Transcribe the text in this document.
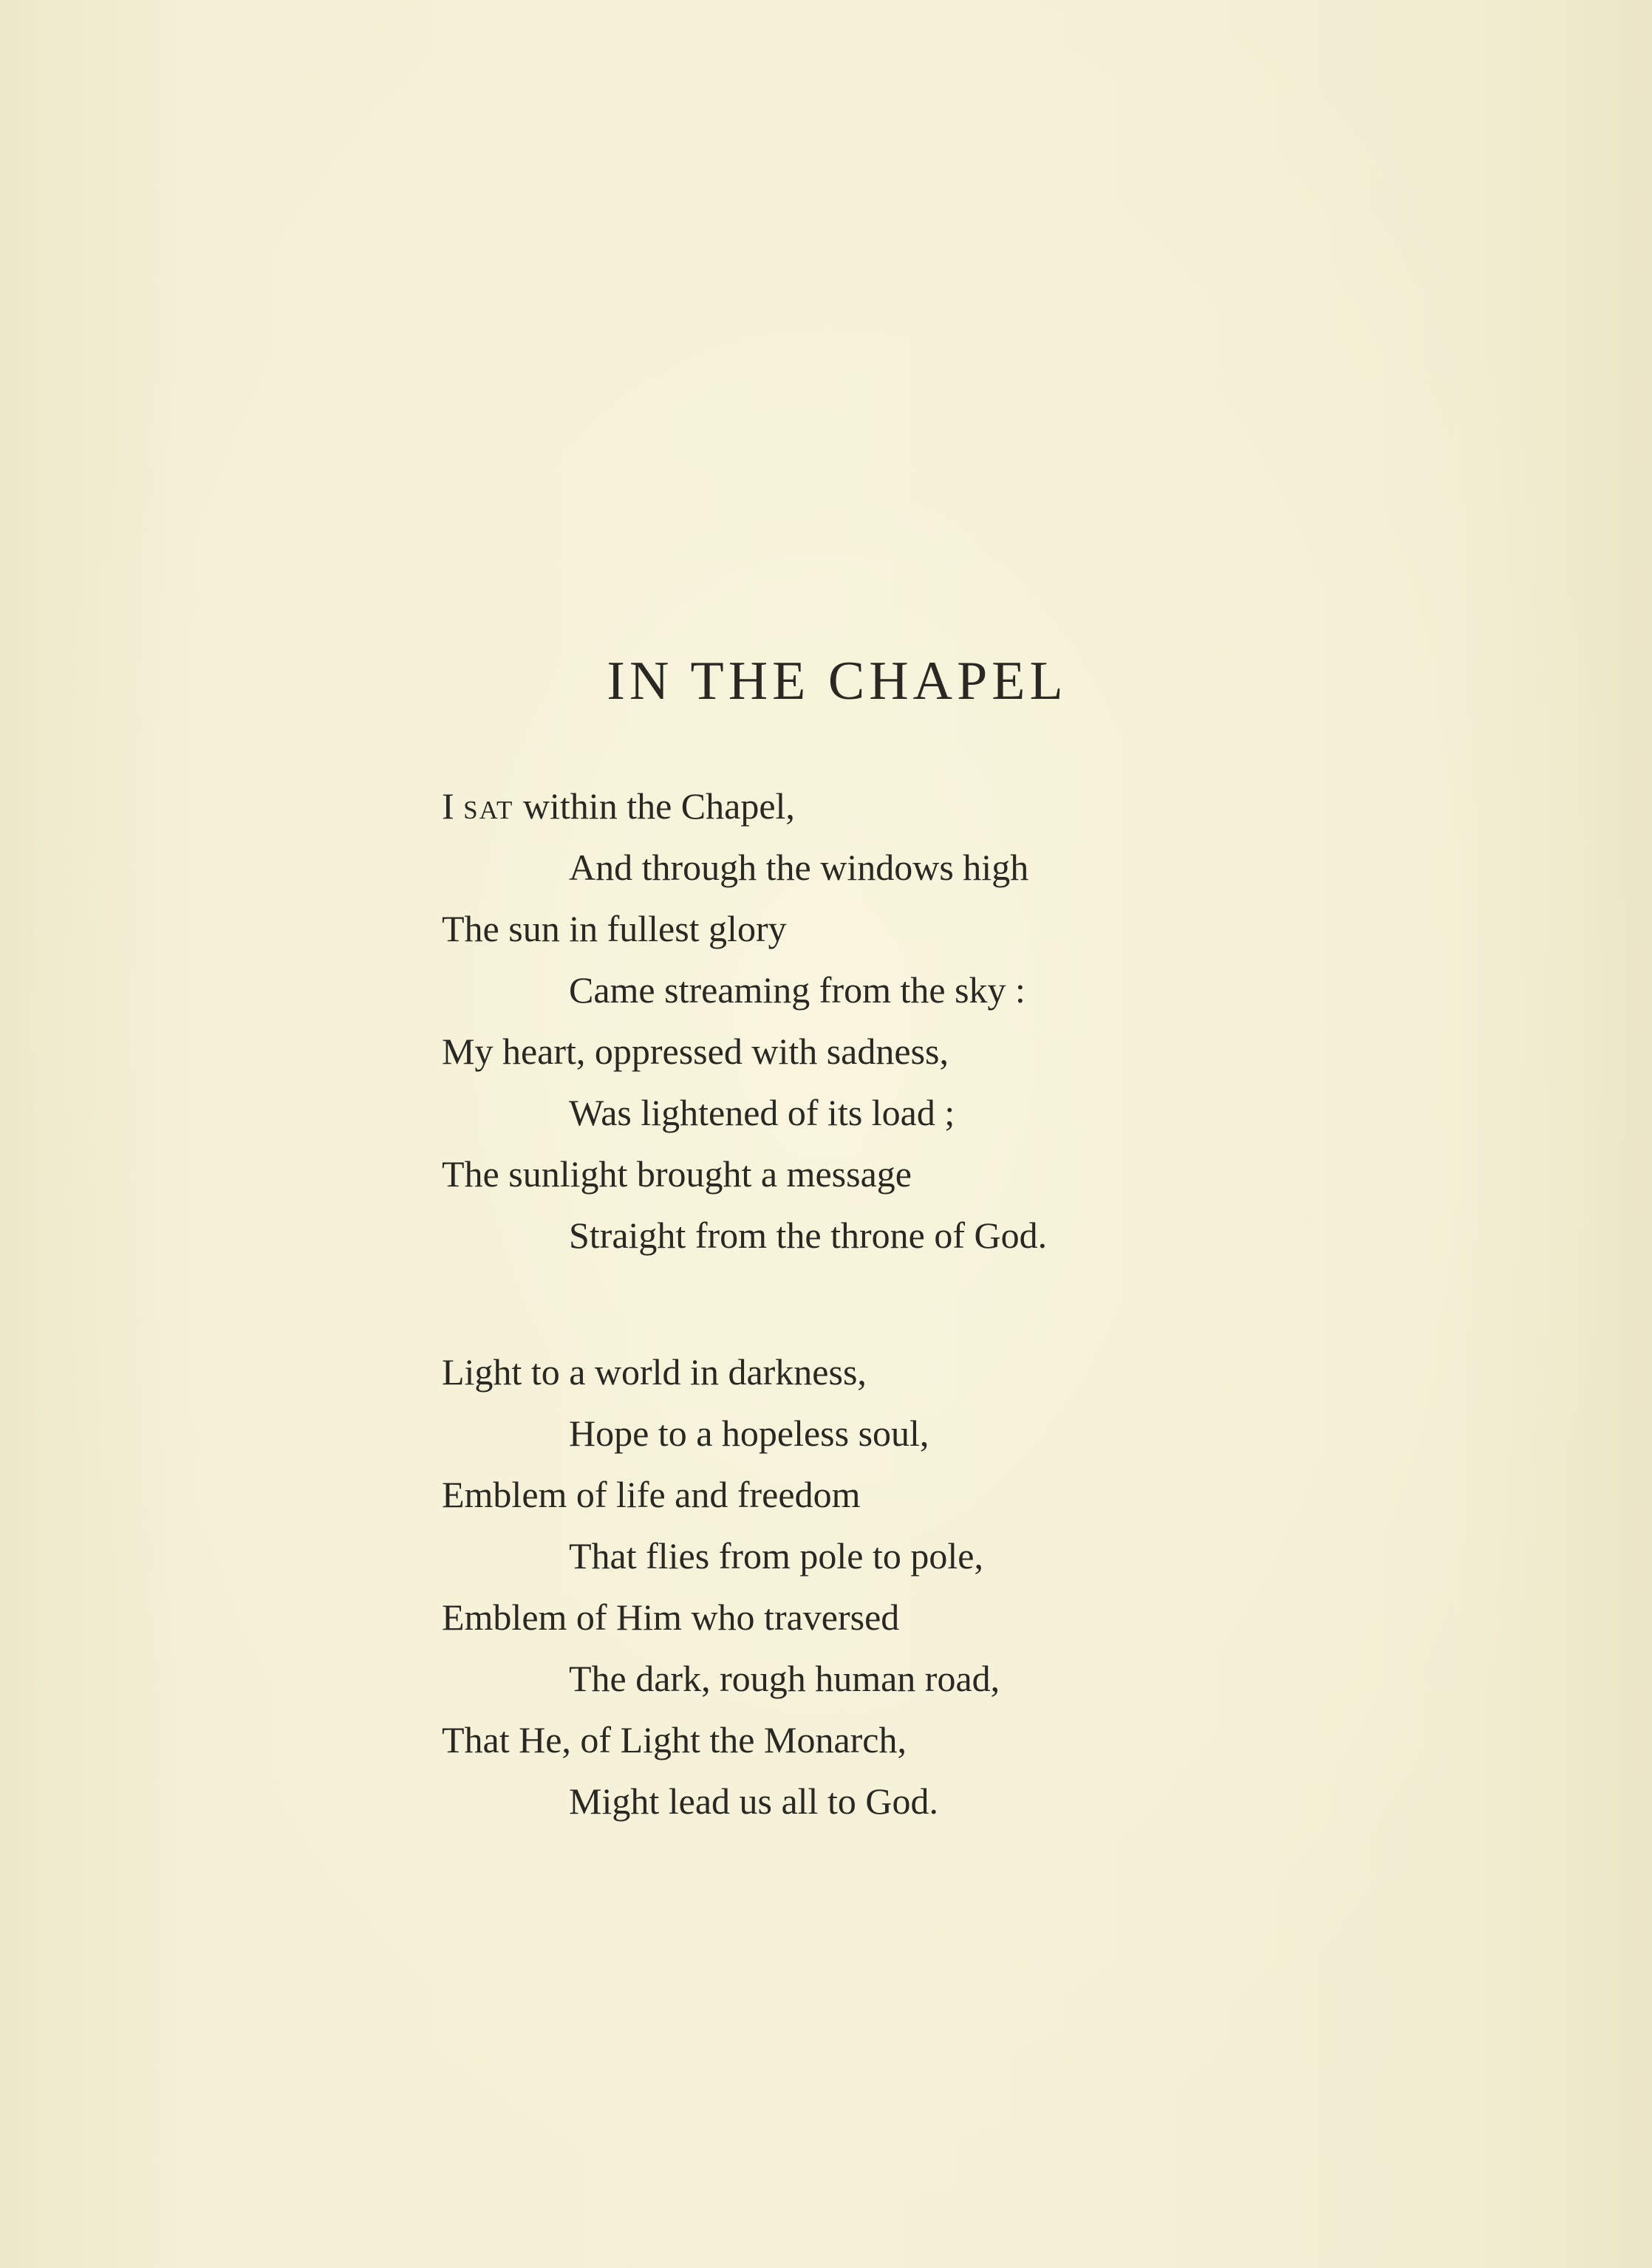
IN THE CHAPEL
I sat within the Chapel,
And through the windows high
The sun in fullest glory
Came streaming from the sky :
My heart, oppressed with sadness,
Was lightened of its load ;
The sunlight brought a message
Straight from the throne of God.
Light to a world in darkness,
Hope to a hopeless soul,
Emblem of life and freedom
That flies from pole to pole,
Emblem of Him who traversed
The dark, rough human road,
That He, of Light the Monarch,
Might lead us all to God.
